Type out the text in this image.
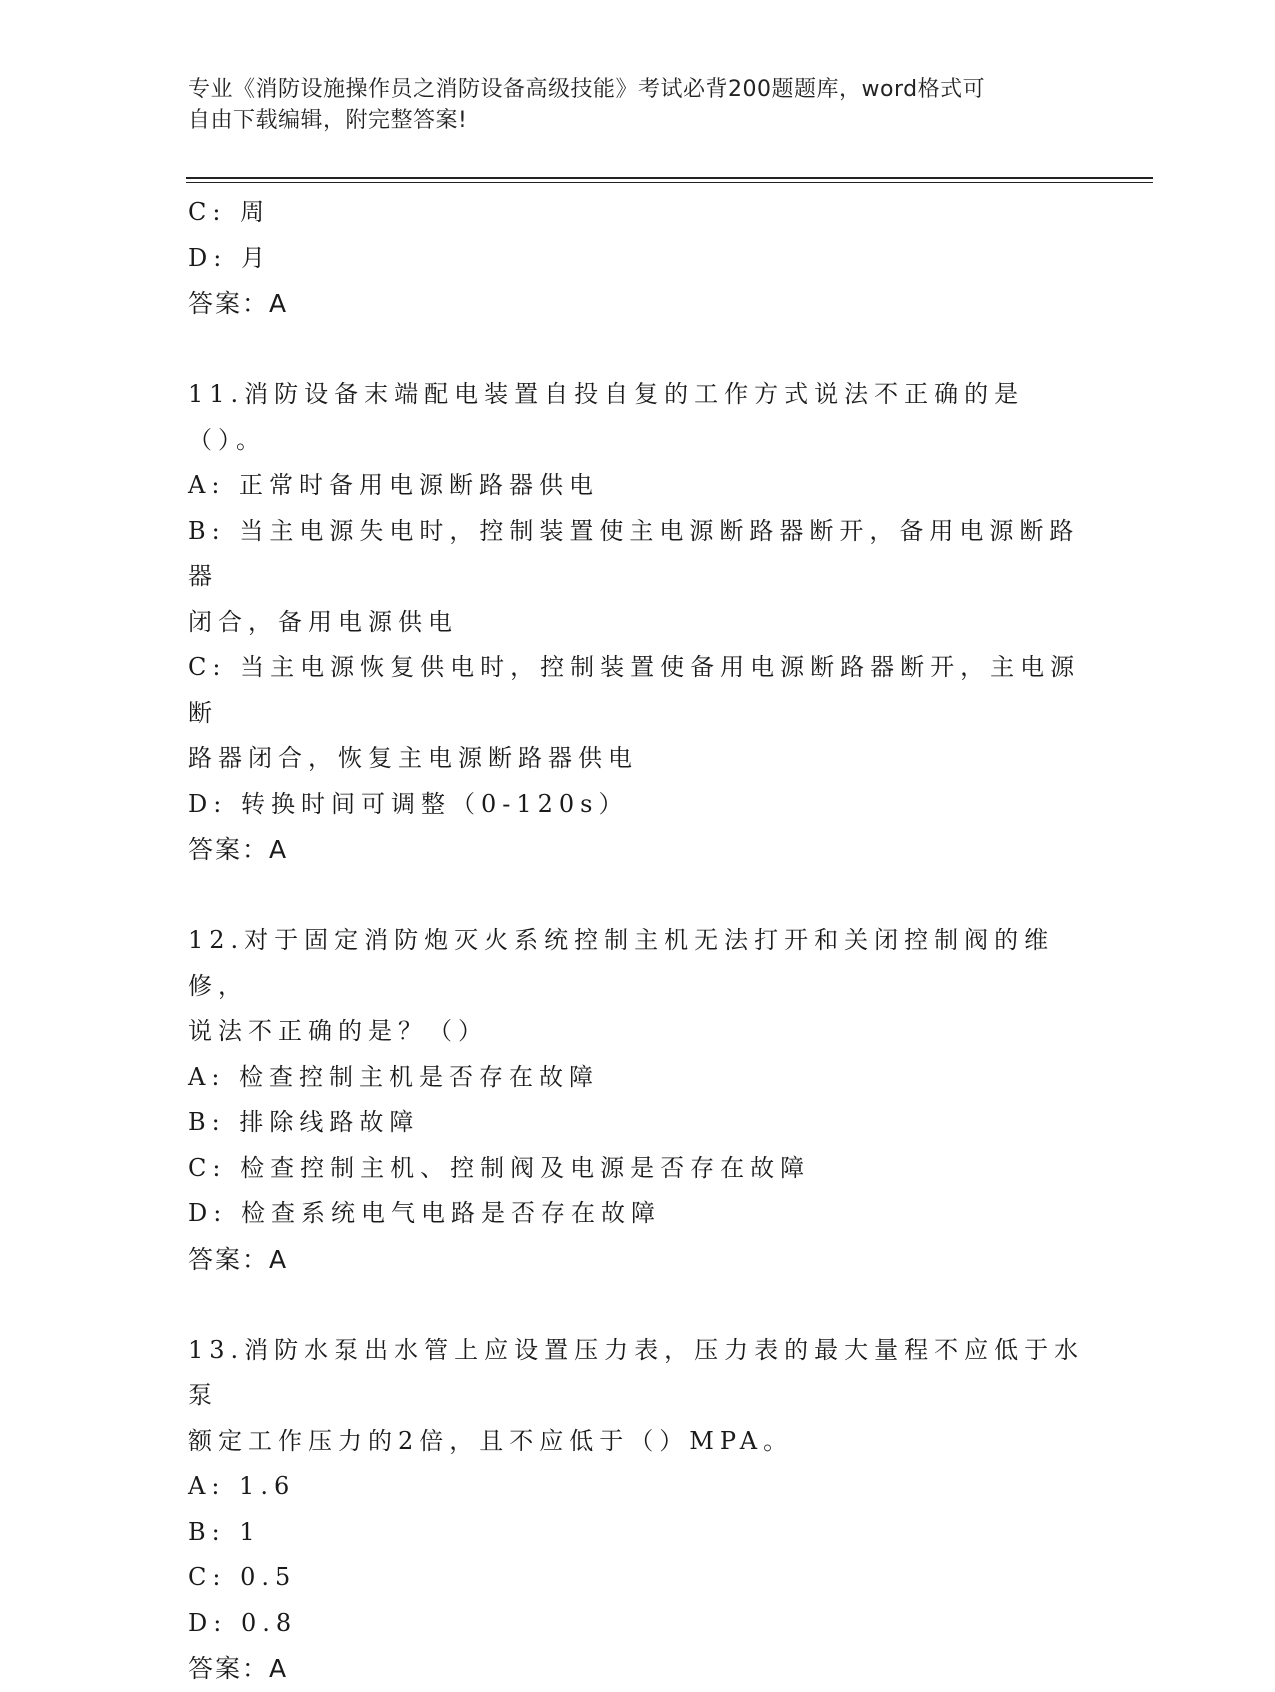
专业《消防设施操作员之消防设备高级技能》考试必背200题题库，word格式可
自由下载编辑，附完整答案!
C: 周
D: 月
答案：A
11.消防设备末端配电装置自投自复的工作方式说法不正确的是（）。
A: 正常时备用电源断路器供电
B: 当主电源失电时，控制装置使主电源断路器断开，备用电源断路器
闭合，备用电源供电
C: 当主电源恢复供电时，控制装置使备用电源断路器断开，主电源断
路器闭合，恢复主电源断路器供电
D: 转换时间可调整（0-120s）
答案：A
12.对于固定消防炮灭火系统控制主机无法打开和关闭控制阀的维修，
说法不正确的是？（）
A: 检查控制主机是否存在故障
B: 排除线路故障
C: 检查控制主机、控制阀及电源是否存在故障
D: 检查系统电气电路是否存在故障
答案：A
13.消防水泵出水管上应设置压力表，压力表的最大量程不应低于水泵
额定工作压力的2倍，且不应低于（）MPA。
A: 1.6
B: 1
C: 0.5
D: 0.8
答案：A
